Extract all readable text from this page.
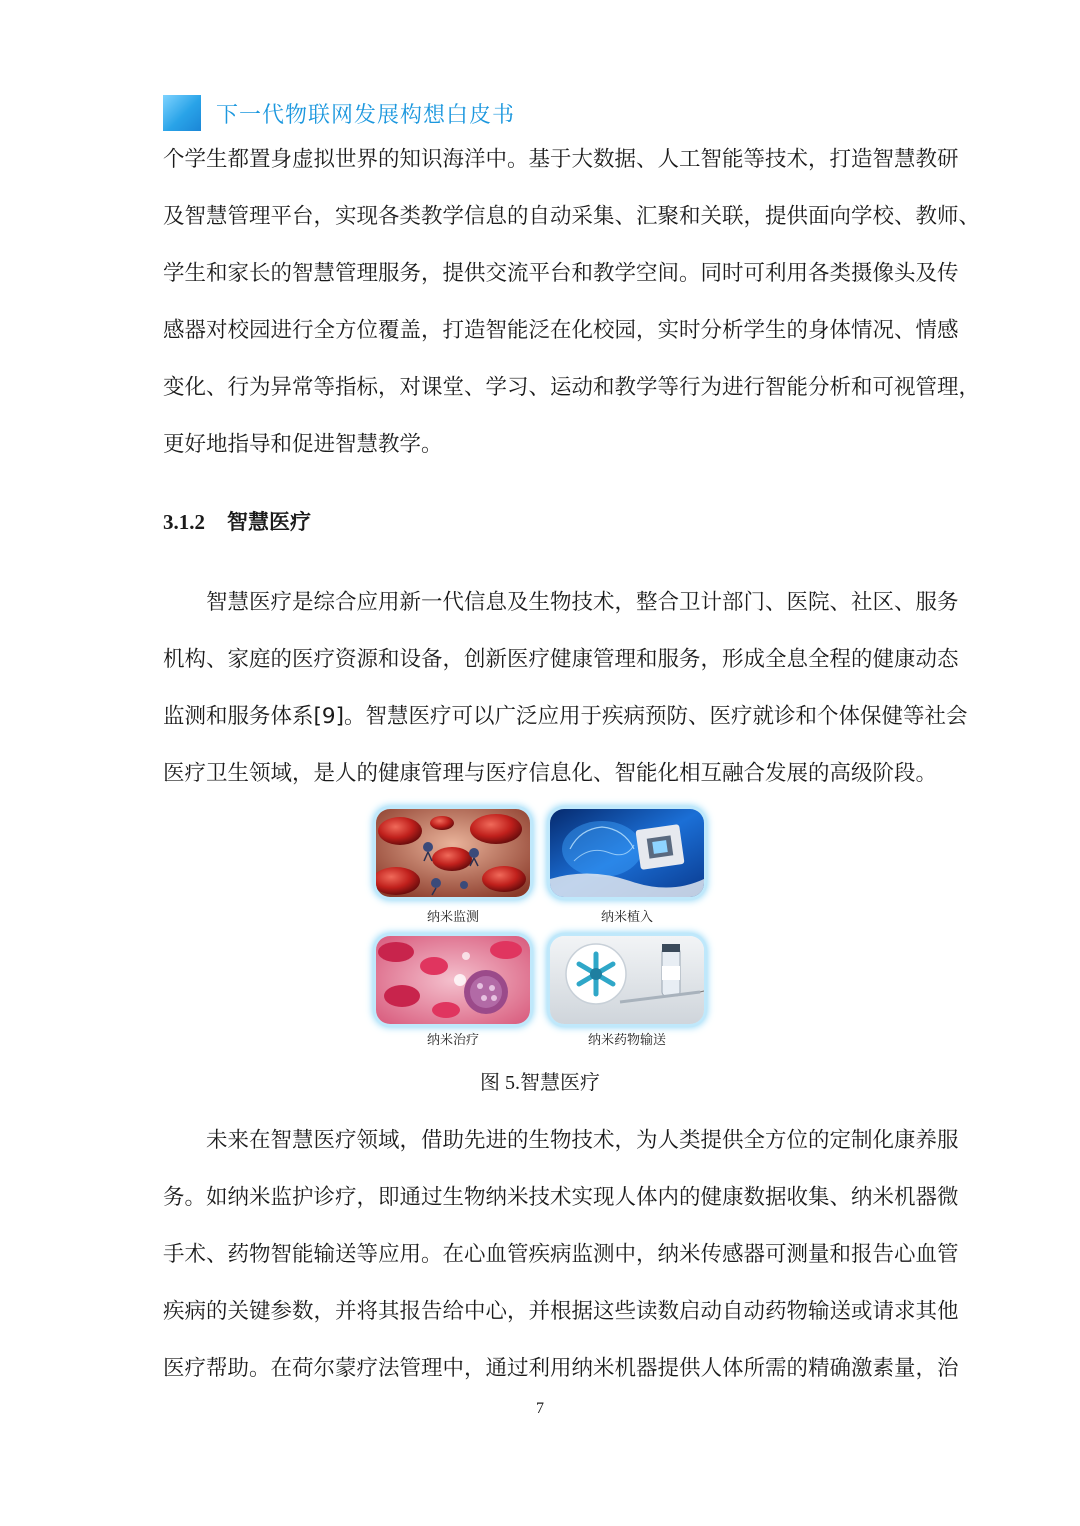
下一代物联网发展构想白皮书
个学生都置身虚拟世界的知识海洋中。基于大数据、人工智能等技术，打造智慧教研
及智慧管理平台，实现各类教学信息的自动采集、汇聚和关联，提供面向学校、教师、
学生和家长的智慧管理服务，提供交流平台和教学空间。同时可利用各类摄像头及传
感器对校园进行全方位覆盖，打造智能泛在化校园，实时分析学生的身体情况、情感
变化、行为异常等指标，对课堂、学习、运动和教学等行为进行智能分析和可视管理，
更好地指导和促进智慧教学。
3.1.2 智慧医疗
智慧医疗是综合应用新一代信息及生物技术，整合卫计部门、医院、社区、服务
机构、家庭的医疗资源和设备，创新医疗健康管理和服务，形成全息全程的健康动态
监测和服务体系[9]。智慧医疗可以广泛应用于疾病预防、医疗就诊和个体保健等社会
医疗卫生领域，是人的健康管理与医疗信息化、智能化相互融合发展的高级阶段。
纳米监测	纳米植入
纳米治疗	纳米药物输送
图 5.智慧医疗
未来在智慧医疗领域，借助先进的生物技术，为人类提供全方位的定制化康养服
务。如纳米监护诊疗，即通过生物纳米技术实现人体内的健康数据收集、纳米机器微
手术、药物智能输送等应用。在心血管疾病监测中，纳米传感器可测量和报告心血管
疾病的关键参数，并将其报告给中心，并根据这些读数启动自动药物输送或请求其他
医疗帮助。在荷尔蒙疗法管理中，通过利用纳米机器提供人体所需的精确激素量，治
7
